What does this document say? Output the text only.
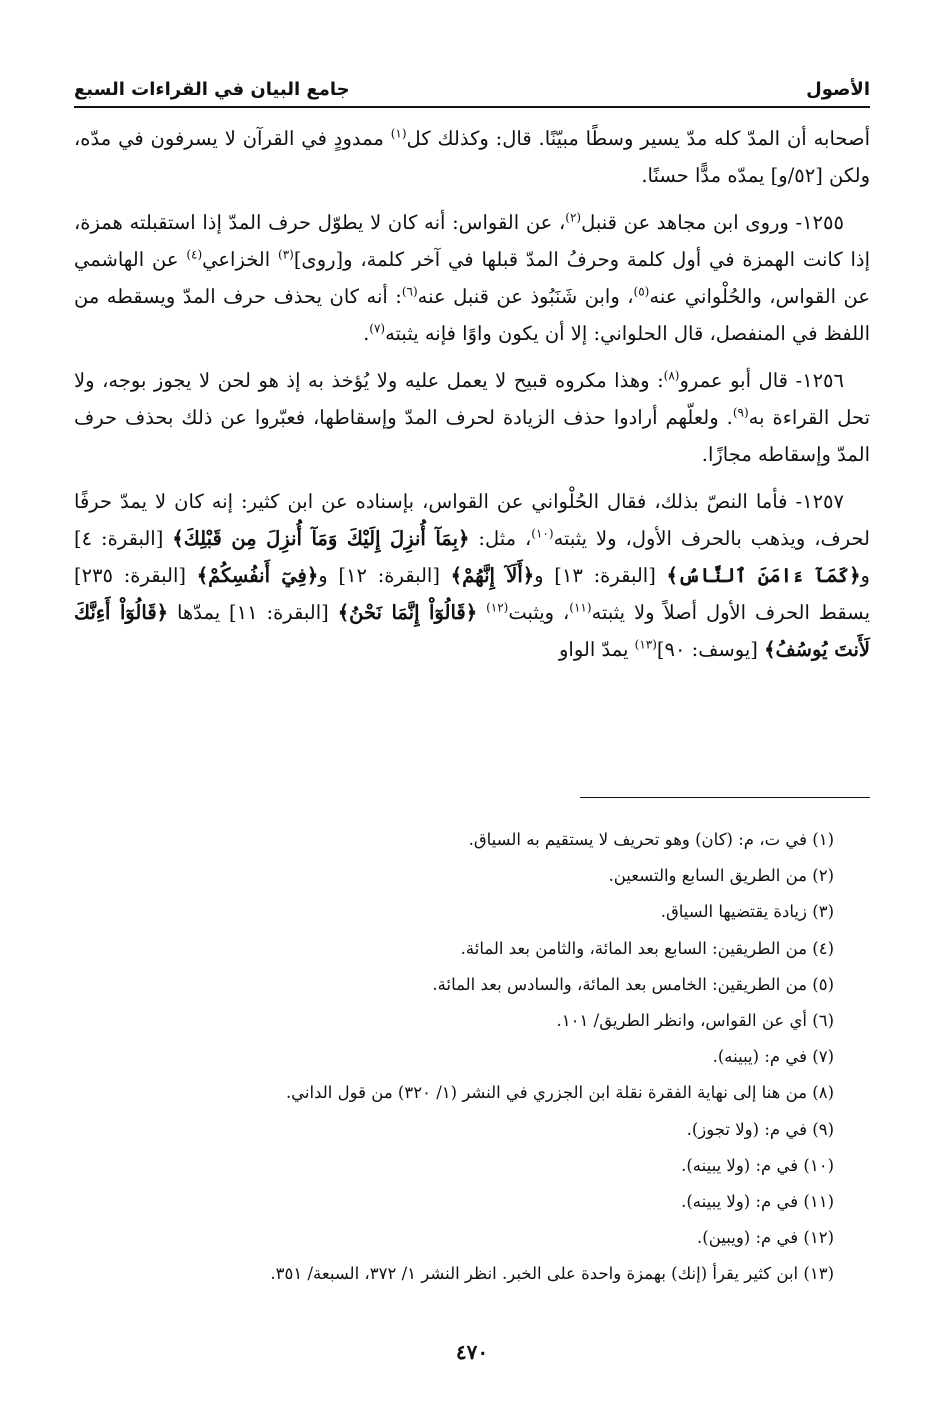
الأصول
جامع البيان في القراءات السبع

أصحابه أن المدّ كله مدّ يسير وسطًا مبيّنًا. قال: وكذلك كل$^{(١)}$ ممدودٍ في القرآن لا يسرفون في مدّه، ولكن [٥٢/و] يمدّه مدًّا حسنًا.

١٢٥٥- وروى ابن مجاهد عن قنبل$^{(٢)}$، عن القواس: أنه كان لا يطوّل حرف المدّ إذا استقبلته همزة، إذا كانت الهمزة في أول كلمة وحرفُ المدّ قبلها في آخر كلمة، و[روى]$^{(٣)}$ الخزاعي$^{(٤)}$ عن الهاشمي عن القواس، والحُلْواني عنه$^{(٥)}$، وابن شَنَبُوذ عن قنبل عنه$^{(٦)}$: أنه كان يحذف حرف المدّ ويسقطه من اللفظ في المنفصل، قال الحلواني: إلا أن يكون واوًا فإنه يثبته$^{(٧)}$.

١٢٥٦- قال أبو عمرو$^{(٨)}$: وهذا مكروه قبيح لا يعمل عليه ولا يُؤخذ به إذ هو لحن لا يجوز بوجه، ولا تحل القراءة به$^{(٩)}$. ولعلّهم أرادوا حذف الزيادة لحرف المدّ وإسقاطها، فعبّروا عن ذلك بحذف حرف المدّ وإسقاطه مجازًا.

١٢٥٧- فأما النصّ بذلك، فقال الحُلْواني عن القواس، بإسناده عن ابن كثير: إنه كان لا يمدّ حرفًا لحرف، ويذهب بالحرف الأول، ولا يثبته$^{(١٠)}$، مثل: ﴿بِمَآ أُنزِلَ إِلَيْكَ وَمَآ أُنزِلَ مِن قَبْلِكَ﴾ [البقرة: ٤] و﴿كَمَآ ءَامَنَ ٱلنَّاسُ﴾ [البقرة: ١٣] و﴿أَلَآ إِنَّهُمْ﴾ [البقرة: ١٢] و﴿فِيٓ أَنفُسِكُمْ﴾ [البقرة: ٢٣٥] يسقط الحرف الأول أصلاً ولا يثبته$^{(١١)}$، ويثبت$^{(١٢)}$ ﴿قَالُوٓاْ إِنَّمَا نَحْنُ﴾ [البقرة: ١١] يمدّها ﴿قَالُوٓاْ أَءِنَّكَ لَأَنتَ يُوسُفُ﴾ [يوسف: ٩٠]$^{(١٣)}$ يمدّ الواو

(١) في ت، م: (كان) وهو تحريف لا يستقيم به السياق.
(٢) من الطريق السابع والتسعين.
(٣) زيادة يقتضيها السياق.
(٤) من الطريقين: السابع بعد المائة، والثامن بعد المائة.
(٥) من الطريقين: الخامس بعد المائة، والسادس بعد المائة.
(٦) أي عن القواس، وانظر الطريق/ ١٠١.
(٧) في م: (يبينه).
(٨) من هنا إلى نهاية الفقرة نقلة ابن الجزري في النشر (١/ ٣٢٠) من قول الداني.
(٩) في م: (ولا تجوز).
(١٠) في م: (ولا يبينه).
(١١) في م: (ولا يبينه).
(١٢) في م: (ويبين).
(١٣) ابن كثير يقرأ (إنك) بهمزة واحدة على الخبر. انظر النشر ١/ ٣٧٢، السبعة/ ٣٥١.
٤٧٠
